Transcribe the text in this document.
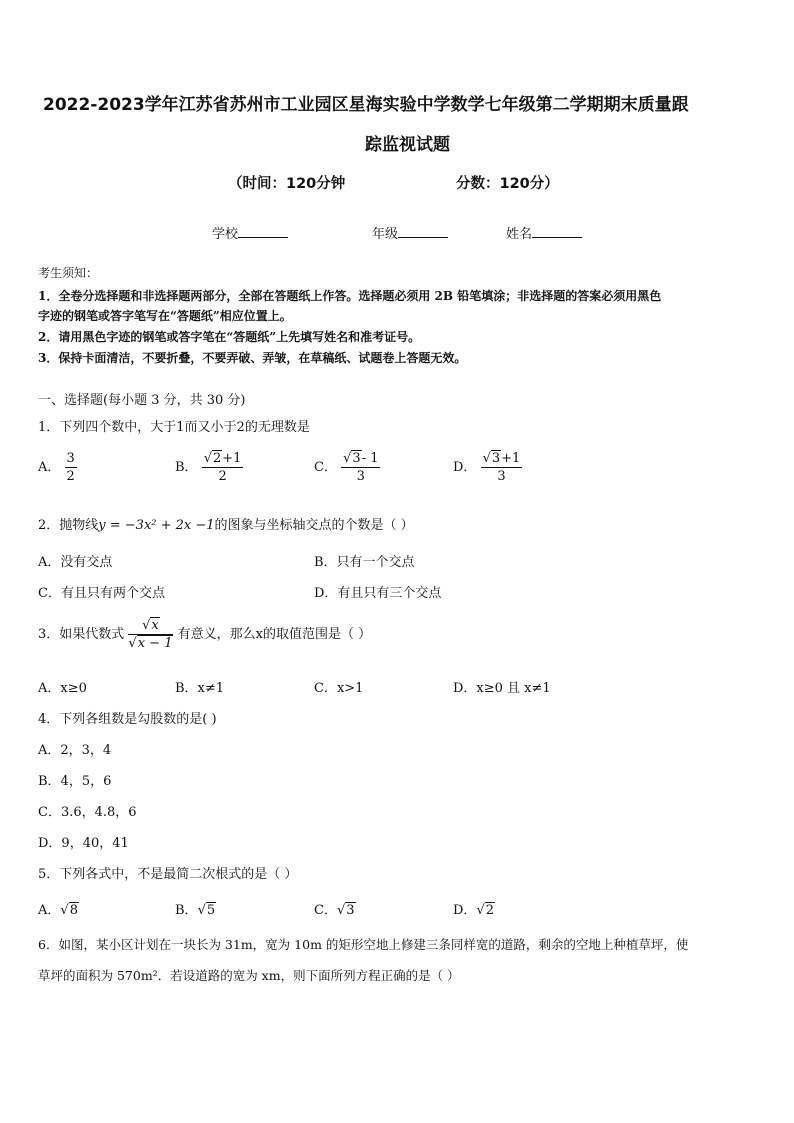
2022-2023学年江苏省苏州市工业园区星海实验中学数学七年级第二学期期末质量跟
踪监视试题
（时间：120分钟	分数：120分）
学校	年级	姓名
考生须知：
1．全卷分选择题和非选择题两部分，全部在答题纸上作答。选择题必须用 2B 铅笔填涂；非选择题的答案必须用黑色
字迹的钢笔或答字笔写在“答题纸”相应位置上。
2．请用黑色字迹的钢笔或答字笔在“答题纸”上先填写姓名和准考证号。
3．保持卡面清洁，不要折叠，不要弄破、弄皱，在草稿纸、试题卷上答题无效。
一、选择题(每小题 3 分，共 30 分)
1．下列四个数中，大于1而又小于2的无理数是
A． $\frac{3}{2}$	B． $\frac{√2+1}{2}$	C． $\frac{√3- 1}{3}$	D． $\frac{√3+1}{3}$
2．抛物线y = −3x² + 2x −1的图象与坐标轴交点的个数是（ ）
A．没有交点	B．只有一个交点
C．有且只有两个交点	D．有且只有三个交点
3．如果代数式 $\frac{√x}{√x - 1}$ 有意义，那么x的取值范围是（ ）
A．x≥0	B．x≠1	C．x>1	D．x≥0 且 x≠1
4．下列各组数是勾股数的是( )
A．2，3，4
B．4，5，6
C．3.6，4.8，6
D．9，40，41
5．下列各式中，不是最简二次根式的是（ ）
A．√8	B．√5	C．√3	D．√2
6．如图，某小区计划在一块长为 31m，宽为 10m 的矩形空地上修建三条同样宽的道路，剩余的空地上种植草坪，使
草坪的面积为 570m²．若设道路的宽为 xm，则下面所列方程正确的是（ ）
